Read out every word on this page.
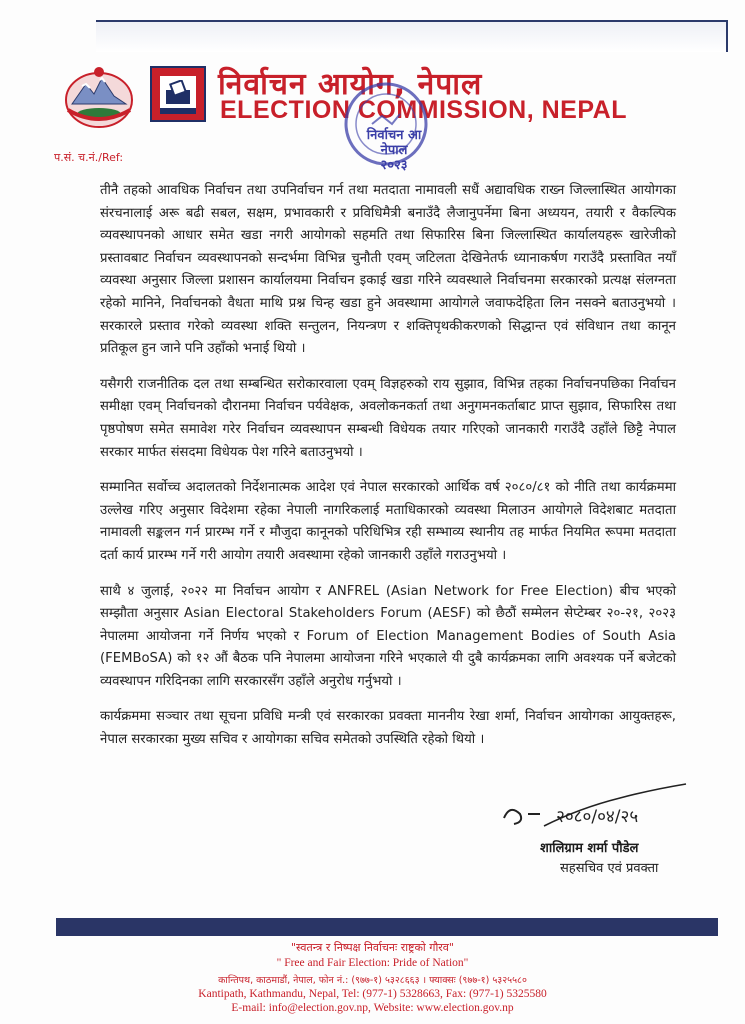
निर्वाचन आयोग, नेपाल
ELECTION COMMISSION, NEPAL
निर्वाचन आ
नेपाल
२०२३
प.सं. च.नं./Ref:

तीनै तहको आवधिक निर्वाचन तथा उपनिर्वाचन गर्न तथा मतदाता नामावली सधैं अद्यावधिक राख्न जिल्लास्थित आयोगका संरचनालाई अरू बढी सबल, सक्षम, प्रभावकारी र प्रविधिमैत्री बनाउँदै लैजानुपर्नेमा बिना अध्ययन, तयारी र वैकल्पिक व्यवस्थापनको आधार समेत खडा नगरी आयोगको सहमति तथा सिफारिस बिना जिल्लास्थित कार्यालयहरू खारेजीको प्रस्तावबाट निर्वाचन व्यवस्थापनको सन्दर्भमा विभिन्न चुनौती एवम् जटिलता देखिनेतर्फ ध्यानाकर्षण गराउँदै प्रस्तावित नयाँ व्यवस्था अनुसार जिल्ला प्रशासन कार्यालयमा निर्वाचन इकाई खडा गरिने व्यवस्थाले निर्वाचनमा सरकारको प्रत्यक्ष संलग्नता रहेको मानिने, निर्वाचनको वैधता माथि प्रश्न चिन्ह खडा हुने अवस्थामा आयोगले जवाफदेहिता लिन नसक्ने बताउनुभयो । सरकारले प्रस्ताव गरेको व्यवस्था शक्ति सन्तुलन, नियन्त्रण र शक्तिपृथकीकरणको सिद्धान्त एवं संविधान तथा कानून प्रतिकूल हुन जाने पनि उहाँको भनाई थियो ।

यसैगरी राजनीतिक दल तथा सम्बन्धित सरोकारवाला एवम् विज्ञहरुको राय सुझाव, विभिन्न तहका निर्वाचनपछिका निर्वाचन समीक्षा एवम् निर्वाचनको दौरानमा निर्वाचन पर्यवेक्षक, अवलोकनकर्ता तथा अनुगमनकर्ताबाट प्राप्त सुझाव, सिफारिस तथा पृष्ठपोषण समेत समावेश गरेर निर्वाचन व्यवस्थापन सम्बन्धी विधेयक तयार गरिएको जानकारी गराउँदै उहाँले छिट्टै नेपाल सरकार मार्फत संसदमा विधेयक पेश गरिने बताउनुभयो ।

सम्मानित सर्वोच्च अदालतको निर्देशनात्मक आदेश एवं नेपाल सरकारको आर्थिक वर्ष २०८०/८१ को नीति तथा कार्यक्रममा उल्लेख गरिए अनुसार विदेशमा रहेका नेपाली नागरिकलाई मताधिकारको व्यवस्था मिलाउन आयोगले विदेशबाट मतदाता नामावली सङ्कलन गर्न प्रारम्भ गर्ने र मौजुदा कानूनको परिधिभित्र रही सम्भाव्य स्थानीय तह मार्फत नियमित रूपमा मतदाता दर्ता कार्य प्रारम्भ गर्ने गरी आयोग तयारी अवस्थामा रहेको जानकारी उहाँले गराउनुभयो ।

साथै ४ जुलाई, २०२२ मा निर्वाचन आयोग र ANFREL (Asian Network for Free Election) बीच भएको सम्झौता अनुसार Asian Electoral Stakeholders Forum (AESF) को छैठौं सम्मेलन सेप्टेम्बर २०-२१, २०२३ नेपालमा आयोजना गर्ने निर्णय भएको र Forum of Election Management Bodies of South Asia (FEMBoSA) को १२ औं बैठक पनि नेपालमा आयोजना गरिने भएकाले यी दुबै कार्यक्रमका लागि अवश्यक पर्ने बजेटको व्यवस्थापन गरिदिनका लागि सरकारसँग उहाँले अनुरोध गर्नुभयो ।

कार्यक्रममा सञ्चार तथा सूचना प्रविधि मन्त्री एवं सरकारका प्रवक्ता माननीय रेखा शर्मा, निर्वाचन आयोगका आयुक्तहरू, नेपाल सरकारका मुख्य सचिव र आयोगका सचिव समेतको उपस्थिति रहेको थियो ।

२०८०/०४/२५
शालिग्राम शर्मा पौडेल
सहसचिव एवं प्रवक्ता
"स्वतन्त्र र निष्पक्ष निर्वाचनः राष्ट्रको गौरव"
" Free and Fair Election: Pride of Nation"
कान्तिपथ, काठमाडौं, नेपाल, फोन नं.: (९७७-१) ५३२८६६३ । फ्याक्सः (९७७-१) ५३२५५८०
Kantipath, Kathmandu, Nepal, Tel: (977-1) 5328663, Fax: (977-1) 5325580
E-mail: info@election.gov.np, Website: www.election.gov.np
